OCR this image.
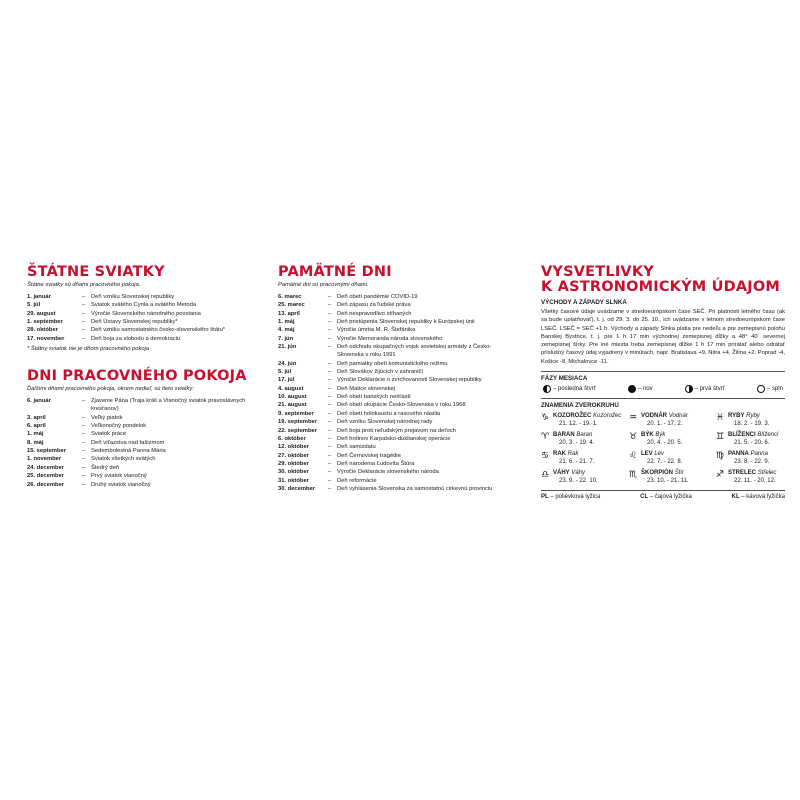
ŠTÁTNE SVIATKY
Štátne sviatky sú dňami pracovného pokoja.
1. január	– Deň vzniku Slovenskej republiky
5. júl	– Sviatok svätého Cyrila a svätého Metoda
29. august	– Výročie Slovenského národného povstania
1. september	– Deň Ústavy Slovenskej republiky*
28. október	– Deň vzniku samostatného česko-slovenského štátu*
17. november	– Deň boja za slobodu a demokraciu
* Štátny sviatok nie je dňom pracovného pokoja
DNI PRACOVNÉHO POKOJA
Ďalšími dňami pracovného pokoja, okrem nedieľ, sú tieto sviatky:
6. január	– Zjavenie Pána (Traja králi a Vianočný sviatok pravoslávnych kresťanov)
3. apríl	– Veľký piatok
6. apríl	– Veľkonočný pondelok
1. máj	– Sviatok práce
8. máj	– Deň víťazstva nad fašizmom
15. september	– Sedembolestná Panna Mária
1. november	– Sviatok všetkých svätých
24. december	– Štedrý deň
25. december	– Prvý sviatok vianočný
26. december	– Druhý sviatok vianočný
PAMÄTNÉ DNI
Pamätné dni sú pracovnými dňami.
6. marec	– Deň obetí pandémie COVID-19
25. marec	– Deň zápasu za ľudské práva
13. apríl	– Deň nespravodlivo stíhaných
1. máj	– Deň pristúpenia Slovenskej republiky k Európskej únii
4. máj	– Výročie úmrtia M. R. Štefánika
7. jún	– Výročie Memoranda národa slovenského
21. jún	– Deň odchodu okupačných vojsk sovietskej armády z Česko-Slovenska v roku 1991
24. jún	– Deň pamiatky obetí komunistického režimu
5. júl	– Deň Slovákov žijúcich v zahraničí
17. júl	– Výročie Deklarácie o zvrchovanosti Slovenskej republiky
4. august	– Deň Matice slovenskej
10. august	– Deň obetí banských nešťastí
21. august	– Deň obetí okupácie Česko-Slovenska v roku 1968
9. september	– Deň obetí holokaustu a rasového násilia
19. september	– Deň vzniku Slovenskej národnej rady
22. september	– Deň boja proti neľudským prejavom na deťoch
6. október	– Deň hrdinov Karpatsko-duklianskej operácie
12. október	– Deň samizdatu
27. október	– Deň Černovskej tragédie
29. október	– Deň narodenia Ľudovíta Štúra
30. október	– Výročie Deklarácie slovenského národa
31. október	– Deň reformácie
30. december	– Deň vyhlásenia Slovenska za samostatnú cirkevnú provinciu
VYSVETLIVKY
K ASTRONOMICKÝM ÚDAJOM
VÝCHODY A ZÁPADY SLNKA

Všetky časové údaje uvádzame v stredoeurópskom čase SEČ. Pri platnosti letného času (ak sa bude uplatňovať), t. j. od 29. 3. do 25. 10., ich uvádzame v letnom stredoeurópskom čase LSEČ. LSEČ = SEČ +1 h. Východy a západy Slnka platia pre nedeľu a pre zemepisnú polohu Banskej Bystrice, t. j. pre 1 h 17 min východnej zemepisnej dĺžky a 48° 40´ severnej zemepisnej šírky. Pre iné miesta treba zemepisnej dĺžke 1 h 17 min prirátať alebo odrátať príslušný časový údaj vyjadrený v minútach, napr. Bratislava +9, Nitra +4, Žilina +2, Poprad -4, Košice -8, Michalovce -11.

FÁZY MESIACA
– posledná štvrť	– nov	– prvá štvrť	– spln
ZNAMENIA ZVEROKRUHU
♑ KOZOROŽEC Kozorožec
21. 12. - 19. 1.
♒ VODNÁR Vodnár
20. 1. - 17. 2.
♓ RYBY Ryby
18. 2. - 19. 3.
♈ BARAN Baran
20. 3. - 19. 4.
♉ BÝK Býk
20. 4. - 20. 5.
♊ BLÍŽENCI Blíženci
21. 5. - 20. 6.
♋ RAK Rak
21. 6. - 21. 7.
♌ LEV Lev
22. 7. - 22. 8.
♍ PANNA Panna
23. 8. - 22. 9.
♎ VÁHY Váhy
23. 9. - 22. 10.
♏ ŠKORPIÓN Štír
23. 10. - 21. 11.
♐ STRELEC Střelec
22. 11. - 20. 12.
PL – polievková lyžica	CL – čajová lyžička	KL – kávová lyžička
